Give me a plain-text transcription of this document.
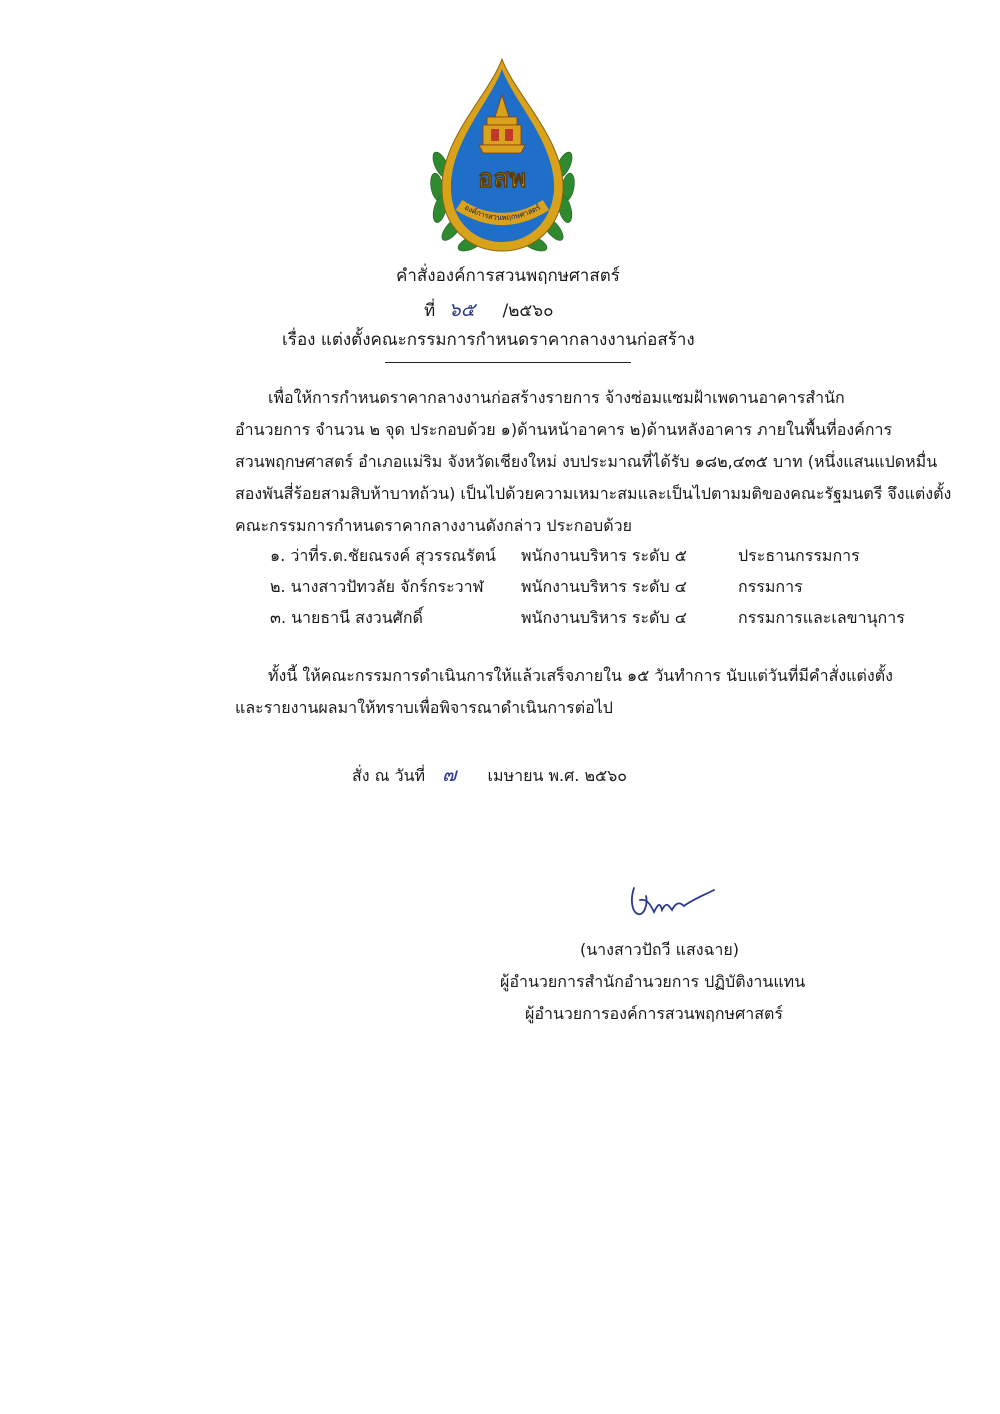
อสพ
องค์การสวนพฤกษศาสตร์
คำสั่งองค์การสวนพฤกษศาสตร์
ที่ ๖๕ /๒๕๖๐
เรื่อง แต่งตั้งคณะกรรมการกำหนดราคากลางงานก่อสร้าง
เพื่อให้การกำหนดราคากลางงานก่อสร้างรายการ จ้างซ่อมแซมฝ้าเพดานอาคารสำนัก
อำนวยการ จำนวน ๒ จุด ประกอบด้วย ๑)ด้านหน้าอาคาร ๒)ด้านหลังอาคาร ภายในพื้นที่องค์การ
สวนพฤกษศาสตร์ อำเภอแม่ริม จังหวัดเชียงใหม่ งบประมาณที่ได้รับ ๑๘๒,๔๓๕ บาท (หนึ่งแสนแปดหมื่น
สองพันสี่ร้อยสามสิบห้าบาทถ้วน) เป็นไปด้วยความเหมาะสมและเป็นไปตามมติของคณะรัฐมนตรี จึงแต่งตั้ง
คณะกรรมการกำหนดราคากลางงานดังกล่าว ประกอบด้วย
๑. ว่าที่ร.ต.ชัยณรงค์ สุวรรณรัตน์ พนักงานบริหาร ระดับ ๕	ประธานกรรมการ
๒. นางสาวปัทวลัย จักร์กระวาฬ พนักงานบริหาร ระดับ ๔	กรรมการ
๓. นายธานี สงวนศักดิ์	พนักงานบริหาร ระดับ ๔	กรรมการและเลขานุการ
ทั้งนี้ ให้คณะกรรมการดำเนินการให้แล้วเสร็จภายใน ๑๕ วันทำการ นับแต่วันที่มีคำสั่งแต่งตั้ง
และรายงานผลมาให้ทราบเพื่อพิจารณาดำเนินการต่อไป
สั่ง ณ วันที่ ๗ เมษายน พ.ศ. ๒๕๖๐
(นางสาวปัถวี แสงฉาย)
ผู้อำนวยการสำนักอำนวยการ ปฏิบัติงานแทน
ผู้อำนวยการองค์การสวนพฤกษศาสตร์
